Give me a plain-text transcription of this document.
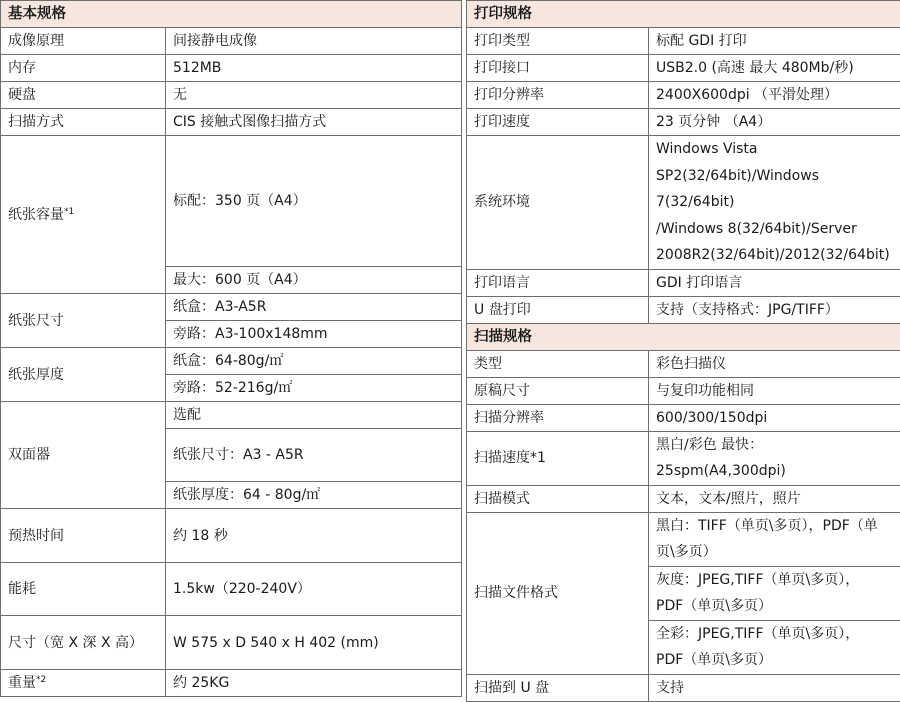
基本规格	
成像原理	间接静电成像
内存	512MB
硬盘	无
扫描方式	CIS 接触式图像扫描方式
纸张容量$^{*1}$	标配：350 页（A4）
	最大：600 页（A4）
纸张尺寸	纸盒：A3-A5R
	旁路：A3-100x148mm
纸张厚度	纸盒：64-80g/㎡
	旁路：52-216g/㎡
双面器	选配
	纸张尺寸：A3 - A5R
	纸张厚度：64 - 80g/㎡
预热时间	约 18 秒
能耗	1.5kw（220-240V）
尺寸（宽 X 深 X 高）	W 575 x D 540 x H 402 (mm)
重量$^{*2}$	约 25KG
打印规格	
打印类型	标配 GDI 打印
打印接口	USB2.0 (高速 最大 480Mb/秒)
打印分辨率	2400X600dpi （平滑处理）
打印速度	23 页分钟 （A4）
系统环境	Windows Vista
SP2(32/64bit)/Windows
7(32/64bit)
/Windows 8(32/64bit)/Server
2008R2(32/64bit)/2012(32/64bit)

打印语言	GDI 打印语言
U 盘打印	支持（支持格式：JPG/TIFF）
扫描规格	
类型	彩色扫描仪
原稿尺寸	与复印功能相同
扫描分辨率	600/300/150dpi
扫描速度*1	黑白/彩色 最快：
25spm(A4,300dpi)

扫描模式	文本，文本/照片，照片
扫描文件格式	黑白：TIFF（单页\多页），PDF（单
页\多页）

	灰度：JPEG,TIFF（单页\多页），
PDF（单页\多页）

	全彩：JPEG,TIFF（单页\多页），
PDF（单页\多页）

扫描到 U 盘	支持
